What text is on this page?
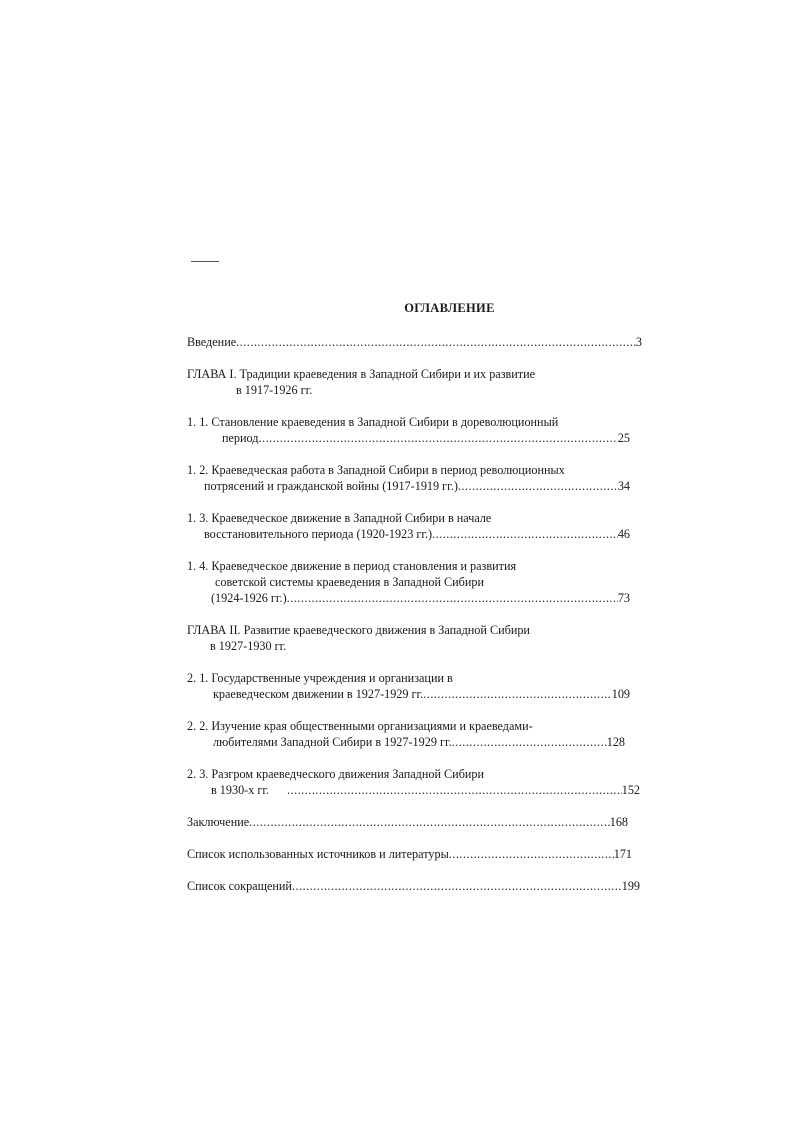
ОГЛАВЛЕНИЕ
Введение .....	3
ГЛАВА I. Традиции краеведения в Западной Сибири и их развитие
в 1917-1926 гг.
1. 1. Становление краеведения в Западной Сибири в дореволюционный
период .....	25
1. 2. Краеведческая работа в Западной Сибири в период революционных
потрясений и гражданской войны (1917-1919 гг.) .....	34
1. 3. Краеведческое движение в Западной Сибири в начале
восстановительного периода (1920-1923 гг.) .....	46
1. 4. Краеведческое движение в период становления и развития
советской системы краеведения в Западной Сибири
(1924-1926 гг.) .....	73
ГЛАВА II. Развитие краеведческого движения в Западной Сибири
в 1927-1930 гг.
2. 1. Государственные учреждения и организации в
краеведческом движении в 1927-1929 гг. .....	109
2. 2. Изучение края общественными организациями и краеведами-
любителями Западной Сибири в 1927-1929 гг. .....	128
2. 3. Разгром краеведческого движения Западной Сибири
в 1930-х гг. .....	152
Заключение .....	168
Список использованных источников и литературы .....	171
Список сокращений .....	199
